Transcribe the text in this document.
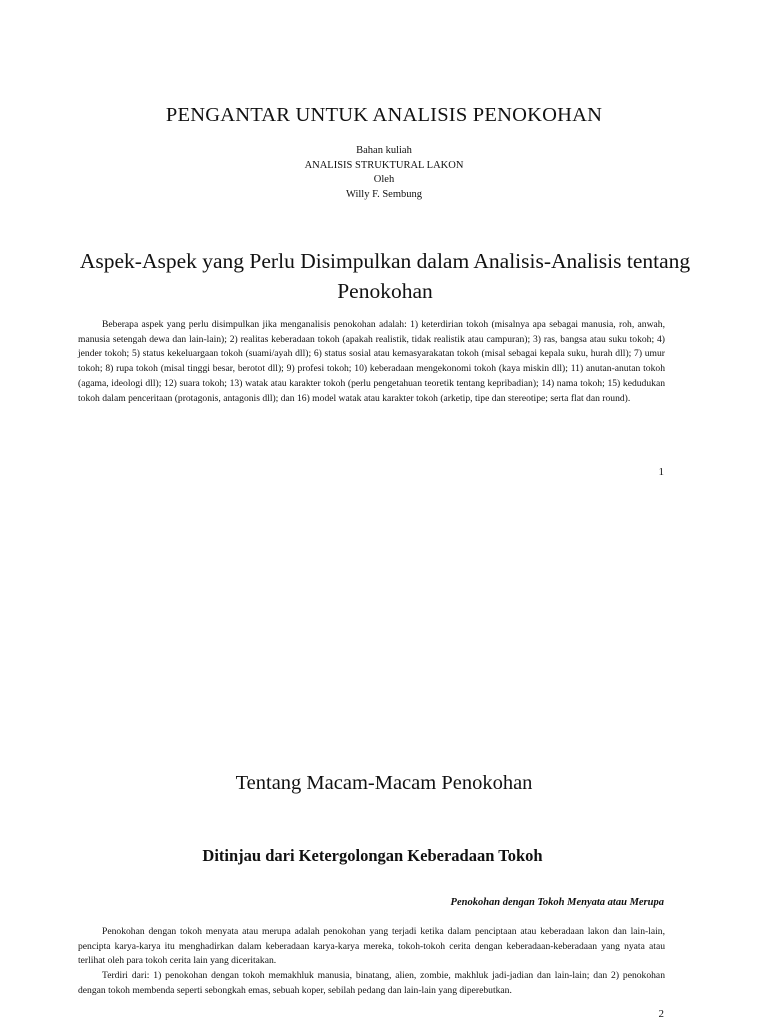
PENGANTAR UNTUK ANALISIS PENOKOHAN
Bahan kuliah
ANALISIS STRUKTURAL LAKON
Oleh
Willy F. Sembung
Aspek-Aspek yang Perlu Disimpulkan dalam Analisis-Analisis tentang Penokohan

Beberapa aspek yang perlu disimpulkan jika menganalisis penokohan adalah: 1) keterdirian tokoh (misalnya apa sebagai manusia, roh, anwah, manusia setengah dewa dan lain-lain); 2) realitas keberadaan tokoh (apakah realistik, tidak realistik atau campuran); 3) ras, bangsa atau suku tokoh; 4) jender tokoh; 5) status kekeluargaan tokoh (suami/ayah dll); 6) status sosial atau kemasyarakatan tokoh (misal sebagai kepala suku, hurah dll); 7) umur tokoh; 8) rupa tokoh (misal tinggi besar, berotot dll); 9) profesi tokoh; 10) keberadaan mengekonomi tokoh (kaya miskin dll); 11) anutan-anutan tokoh (agama, ideologi dll); 12) suara tokoh; 13) watak atau karakter tokoh (perlu pengetahuan teoretik tentang kepribadian); 14) nama tokoh; 15) kedudukan tokoh dalam penceritaan (protagonis, antagonis dll); dan 16) model watak atau karakter tokoh (arketip, tipe dan stereotipe; serta flat dan round).

1
Tentang Macam-Macam Penokohan
Ditinjau dari Ketergolongan Keberadaan Tokoh
Penokohan dengan Tokoh Menyata atau Merupa

Penokohan dengan tokoh menyata atau merupa adalah penokohan yang terjadi ketika dalam penciptaan atau keberadaan lakon dan lain-lain, pencipta karya-karya itu menghadirkan dalam keberadaan karya-karya mereka, tokoh-tokoh cerita dengan keberadaan-keberadaan yang nyata atau terlihat oleh para tokoh cerita lain yang diceritakan.

Terdiri dari: 1) penokohan dengan tokoh memakhluk manusia, binatang, alien, zombie, makhluk jadi-jadian dan lain-lain; dan 2) penokohan dengan tokoh membenda seperti sebongkah emas, sebuah koper, sebilah pedang dan lain-lain yang diperebutkan.

2
